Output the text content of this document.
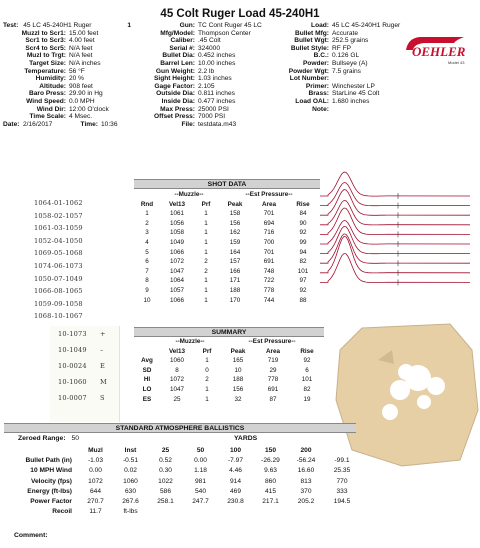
45 Colt Ruger Load 45-240H1
Test: 45 LC 45-240H1 Ruger	1
Muzzl to Scr1: 15.00 feet
Scr1 to Scr3: 4.00 feet
Scr4 to Scr5: N/A feet
Muzl to Trgt: N/A feet
Target Size: N/A inches
Temperature: 56 °F
Humidity: 20 %
Altitude: 908 feet
Baro Press: 29.90 in Hg
Wind Speed: 0.0 MPH
Wind Dir: 12:00 O'clock
Time Scale: 4 Msec.
Date: 2/16/2017	Time: 10:36
Gun: TC Cont Ruger 45 LC
Mfg/Model: Thompson Center
Caliber: .45 Colt
Serial #: 324000
Bullet Dia: 0.452 inches
Barrel Len: 10.00 inches
Gun Weight: 2.2 lb
Sight Height: 1.03 inches
Gage Factor: 2.105
Outside Dia: 0.811 inches
Inside Dia: 0.477 inches
Max Press: 25000 PSI
Offset Press: 7000 PSI
File: testdata.m43
Load: 45 LC 45-240H1 Ruger
Bullet Mfg: Accurate
Bullet Wgt: 252.5 grains
Bullet Style: RF FP
B.C.: 0.126 GL
Powder: Bullseye (A)
Powder Wgt: 7.5 grains
Lot Number:
Primer: Winchester LP
Brass: StarLine 45 Colt
Load OAL: 1.680 inches
Note:
OEHLER
Model 43
SHOT DATA
	--Muzzle--		--Est Pressure--		
Rnd	Vel13	Prf	Peak	Area	Rise
1	1061	1	158	701	84
2	1056	1	156	694	90
3	1058	1	162	716	92
4	1049	1	159	700	99
5	1066	1	164	701	94
6	1072	2	157	691	82
7	1047	2	166	748	101
8	1064	1	171	722	97
9	1057	1	188	778	92
10	1066	1	170	744	88
1064-01-1062
1058-02-1057
1061-03-1059
1052-04-1050
1069-05-1068
1074-06-1073
1050-07-1049
1066-08-1065
1059-09-1058
1068-10-1067
10-1073	+
10-1049	–
10-0024	E
10-1060	M
10-0007	S
SUMMARY
	--Muzzle--		--Est Pressure--		
	Vel13	Prf	Peak	Area	Rise
Avg	1060	1	165	719	92
SD	8	0	10	29	6
HI	1072	2	188	778	101
LO	1047	1	156	691	82
ES	25	1	32	87	19
STANDARD ATMOSPHERE BALLISTICS
Zeroed Range: 50	YARDS
	Muzl	Inst	25	50	100	150	200	
Bullet Path (in)	-1.03	-0.51	0.52	0.00	-7.97	-26.29	-56.24	-99.1
10 MPH Wind	0.00	0.02	0.30	1.18	4.46	9.63	16.60	25.35
Velocity (fps)	1072	1060	1022	981	914	860	813	770
Energy (ft-lbs)	644	630	586	540	469	415	370	333
Power Factor	270.7	267.6	258.1	247.7	230.8	217.1	205.2	194.5
Recoil	11.7	ft-lbs						
Comment:
